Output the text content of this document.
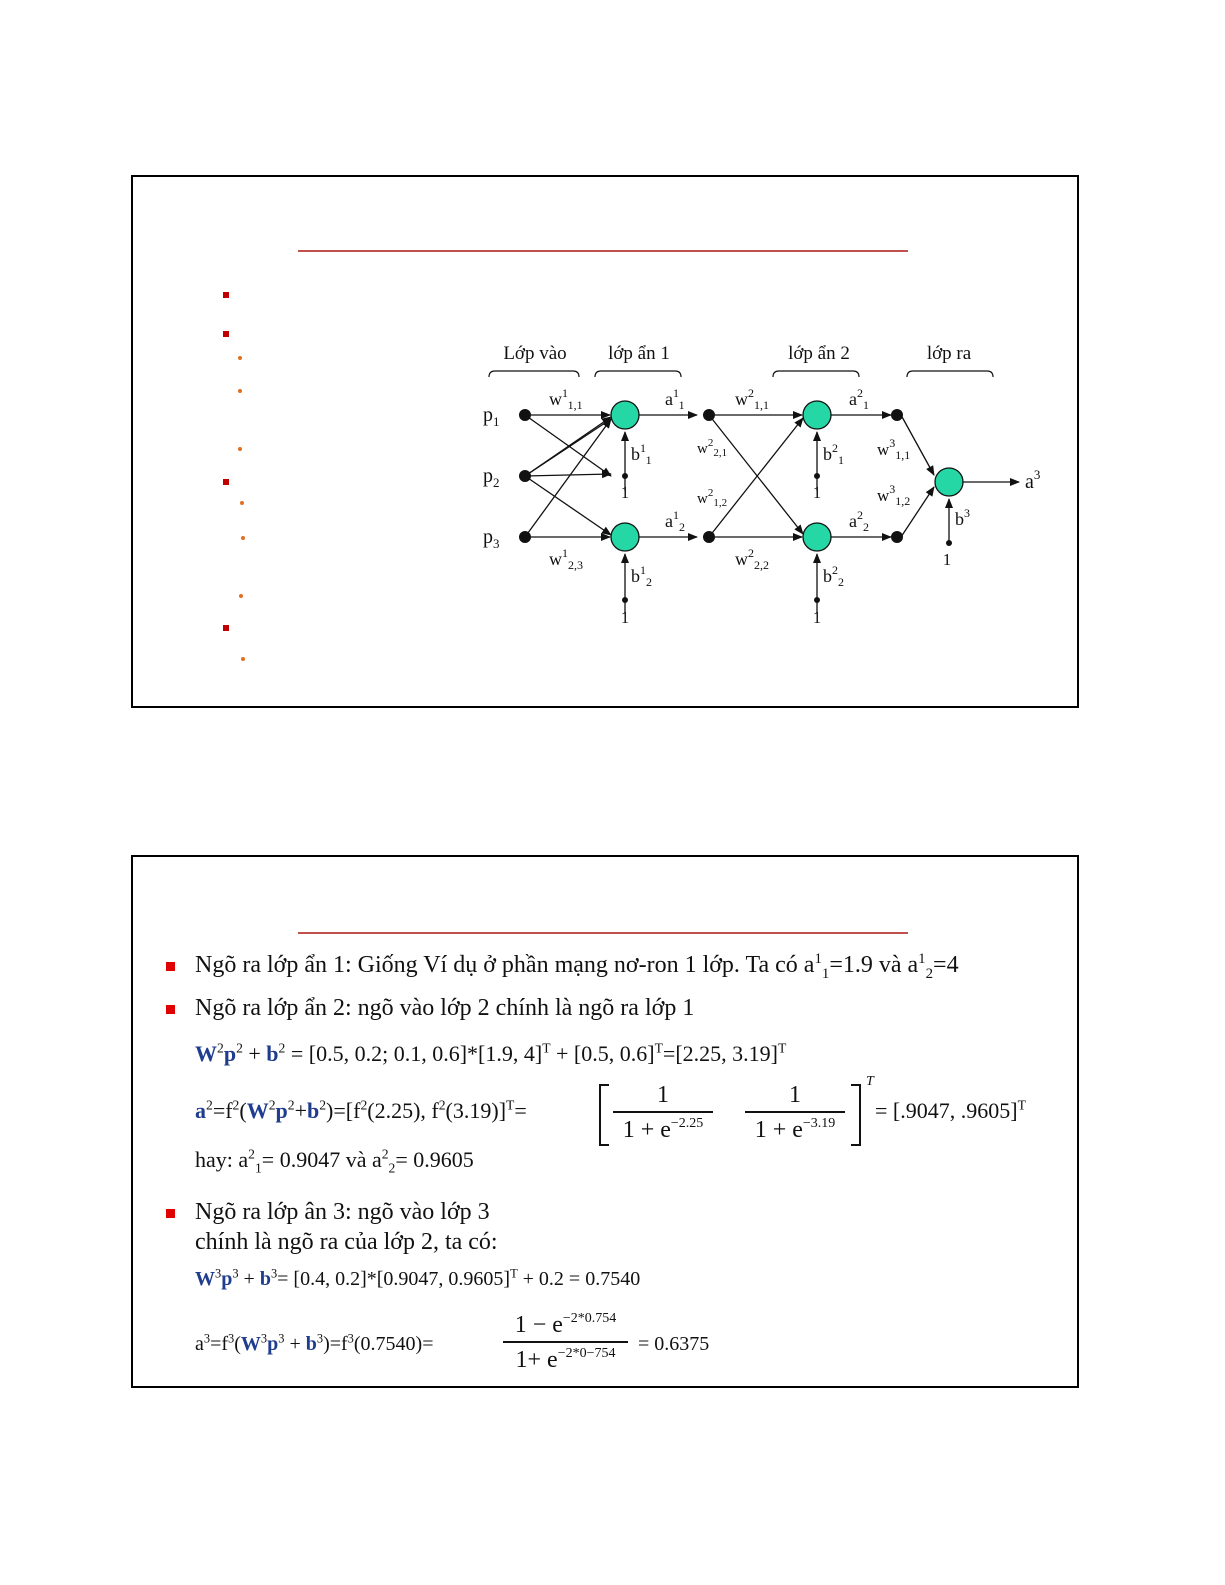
Lớp vào lớp ẩn 1	lớp ẩn 2	lớp ra
$p_1$
$p_2$
$p_3$
$w^1_{1,1}$
$w^1_{2,3}$
$w^2_{1,1}$
$w^2_{2,1}$
$w^2_{1,2}$
$w^2_{2,2}$
$w^3_{1,1}$
$w^3_{1,2}$
$a^1_1$
$a^1_2$
$a^2_1$
$a^2_2$
$a^3$
$b^1_1$
$b^1_2$
$b^2_1$
$b^2_2$
$b^3$
1
1
1
1
1
Ngõ ra lớp ẩn 1: Giống Ví dụ ở phần mạng nơ-ron 1 lớp. Ta có $a^1_1=1.9$ và $a^1_2=4$
Ngõ ra lớp ẩn 2: ngõ vào lớp 2 chính là ngõ ra lớp 1
$W^2p^2 + b^2 = [0.5$, 0.2; 0.1, 0.6]*[1.9, 4]$^T$ + [0.5, 0.6]$^T$=[2.25, 3.19]$^T$
$a^2=f^2(W^2p^2+b^2)=[f^2(2.25)$, $f^2(3.19)]^T=$
1
$1 + e^{-2.25}$
1
$1 + e^{-3.19}$
T
= [.9047, .9605]$^T$
hay: $a^2_1= 0.9047$ và $a^2_2= 0.9605$
Ngõ ra lớp ân 3: ngõ vào lớp 3
chính là ngõ ra của lớp 2, ta có:
$W^3p^3 + b^3= [0.4$, 0.2]*[0.9047, 0.9605]$^T$ + 0.2 = 0.7540
$a^3=f^3(W^3p^3 + b^3)=f^3(0.7540)=$
$1 - e^{-2*0.754}$
$1+ e^{-2*0-754}$	= 0.6375
